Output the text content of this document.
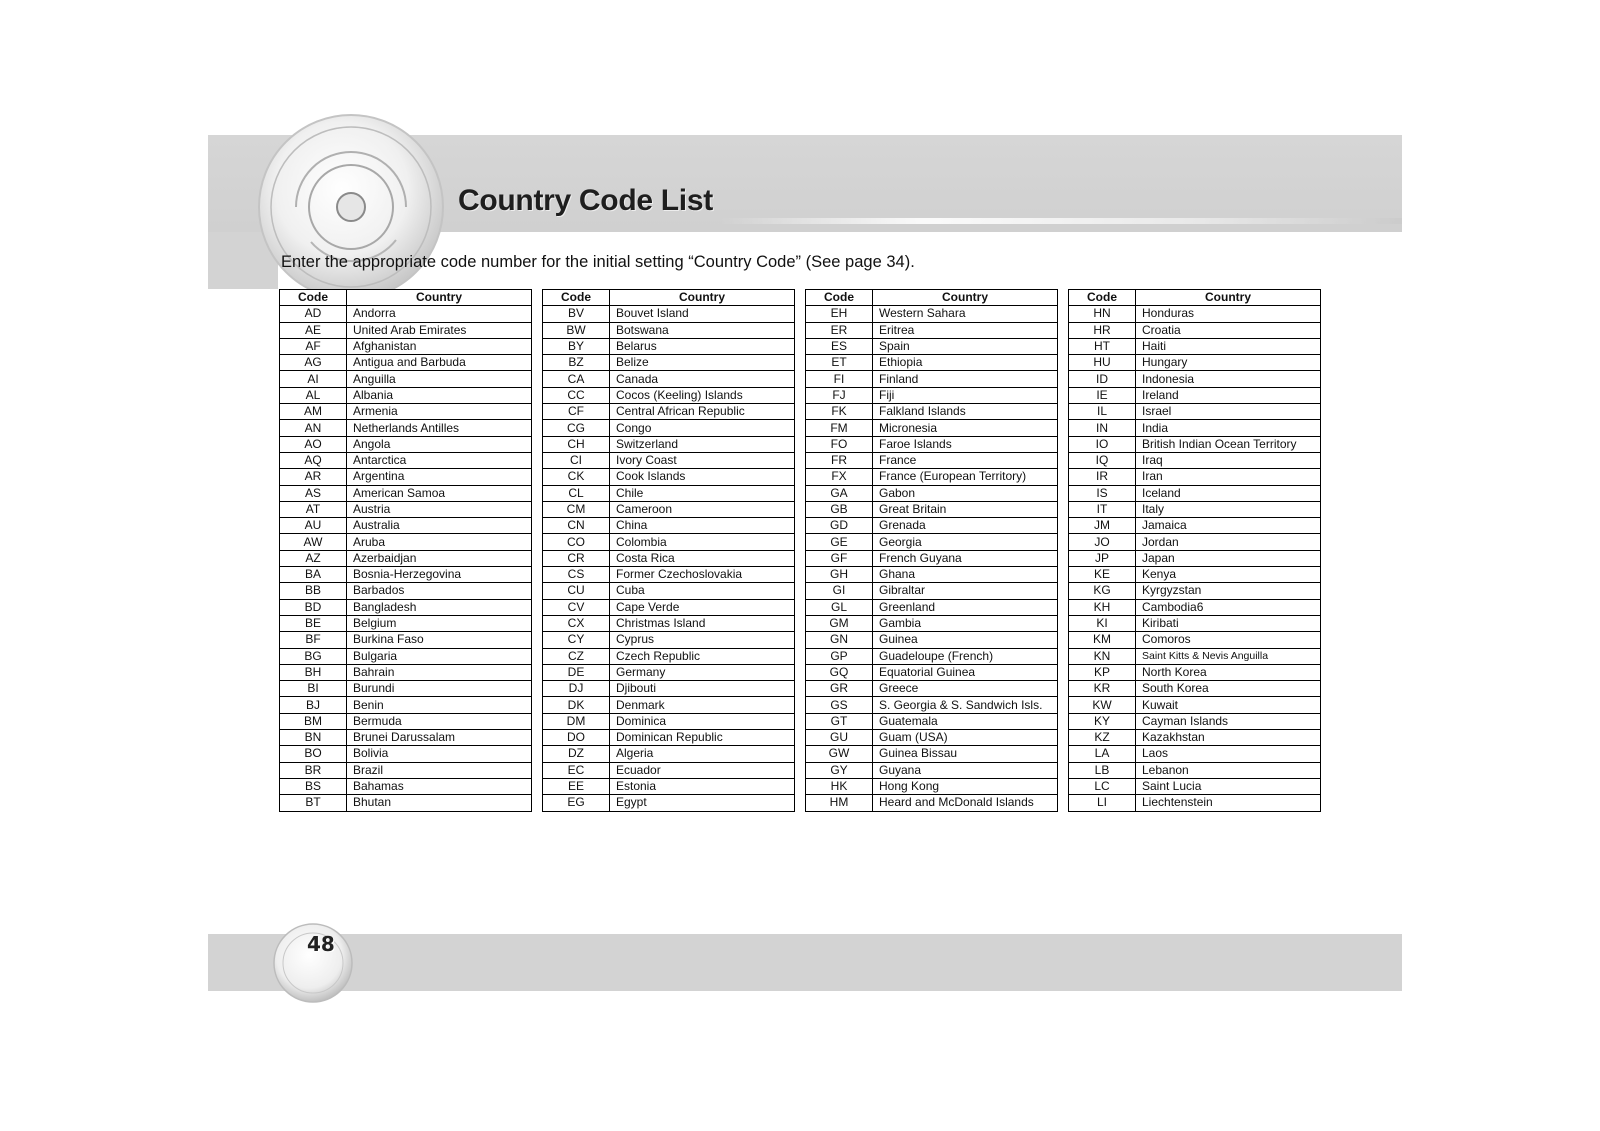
Country Code List
Enter the appropriate code number for the initial setting “Country Code” (See page 34).
Code	Country
AD	Andorra
AE	United Arab Emirates
AF	Afghanistan
AG	Antigua and Barbuda
AI	Anguilla
AL	Albania
AM	Armenia
AN	Netherlands Antilles
AO	Angola
AQ	Antarctica
AR	Argentina
AS	American Samoa
AT	Austria
AU	Australia
AW	Aruba
AZ	Azerbaidjan
BA	Bosnia-Herzegovina
BB	Barbados
BD	Bangladesh
BE	Belgium
BF	Burkina Faso
BG	Bulgaria
BH	Bahrain
BI	Burundi
BJ	Benin
BM	Bermuda
BN	Brunei Darussalam
BO	Bolivia
BR	Brazil
BS	Bahamas
BT	Bhutan
Code	Country
BV	Bouvet Island
BW	Botswana
BY	Belarus
BZ	Belize
CA	Canada
CC	Cocos (Keeling) Islands
CF	Central African Republic
CG	Congo
CH	Switzerland
CI	Ivory Coast
CK	Cook Islands
CL	Chile
CM	Cameroon
CN	China
CO	Colombia
CR	Costa Rica
CS	Former Czechoslovakia
CU	Cuba
CV	Cape Verde
CX	Christmas Island
CY	Cyprus
CZ	Czech Republic
DE	Germany
DJ	Djibouti
DK	Denmark
DM	Dominica
DO	Dominican Republic
DZ	Algeria
EC	Ecuador
EE	Estonia
EG	Egypt
Code	Country
EH	Western Sahara
ER	Eritrea
ES	Spain
ET	Ethiopia
FI	Finland
FJ	Fiji
FK	Falkland Islands
FM	Micronesia
FO	Faroe Islands
FR	France
FX	France (European Territory)
GA	Gabon
GB	Great Britain
GD	Grenada
GE	Georgia
GF	French Guyana
GH	Ghana
GI	Gibraltar
GL	Greenland
GM	Gambia
GN	Guinea
GP	Guadeloupe (French)
GQ	Equatorial Guinea
GR	Greece
GS	S. Georgia & S. Sandwich Isls.
GT	Guatemala
GU	Guam (USA)
GW	Guinea Bissau
GY	Guyana
HK	Hong Kong
HM	Heard and McDonald Islands
Code	Country
HN	Honduras
HR	Croatia
HT	Haiti
HU	Hungary
ID	Indonesia
IE	Ireland
IL	Israel
IN	India
IO	British Indian Ocean Territory
IQ	Iraq
IR	Iran
IS	Iceland
IT	Italy
JM	Jamaica
JO	Jordan
JP	Japan
KE	Kenya
KG	Kyrgyzstan
KH	Cambodia6
KI	Kiribati
KM	Comoros
KN	Saint Kitts & Nevis Anguilla
KP	North Korea
KR	South Korea
KW	Kuwait
KY	Cayman Islands
KZ	Kazakhstan
LA	Laos
LB	Lebanon
LC	Saint Lucia
LI	Liechtenstein
48
